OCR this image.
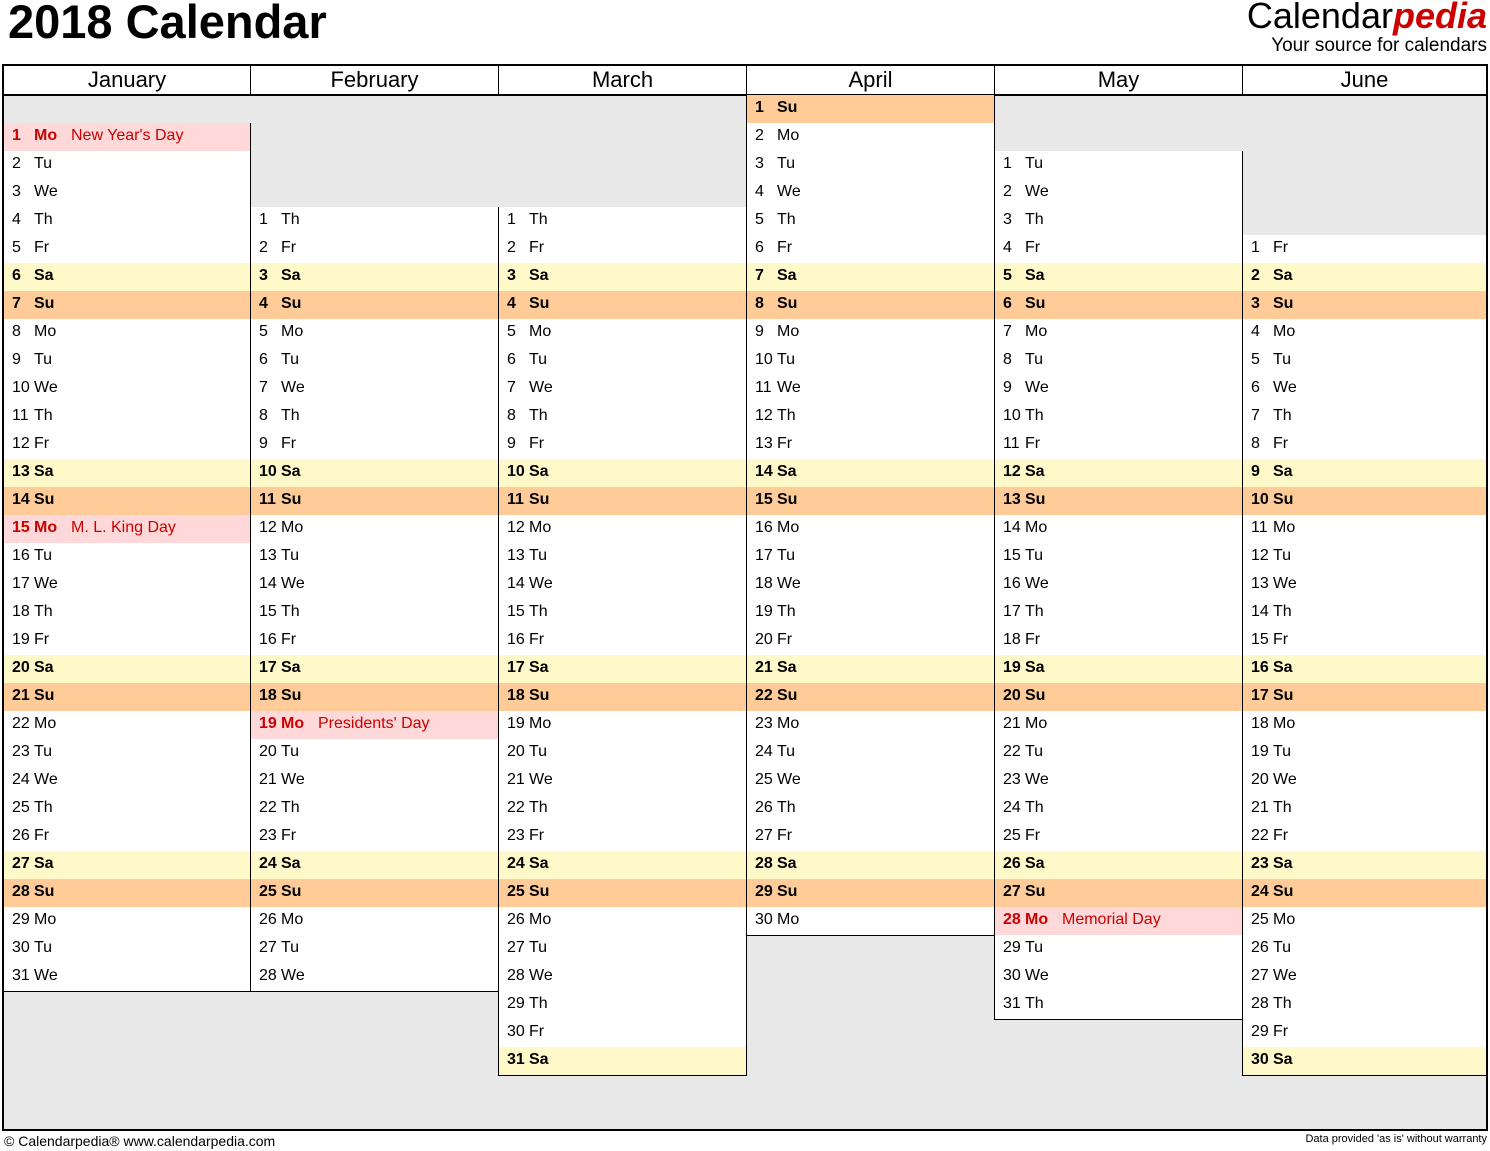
2018 Calendar	Calendarpedia
Your source for calendars
January
1 Mo New Year's Day
2 Tu
3 We
4 Th
5 Fr
6 Sa
7 Su
8 Mo
9 Tu
10 We
11 Th
12 Fr
13 Sa
14 Su
15 Mo M. L. King Day
16 Tu
17 We
18 Th
19 Fr
20 Sa
21 Su
22 Mo
23 Tu
24 We
25 Th
26 Fr
27 Sa
28 Su
29 Mo
30 Tu
31 We
February
1 Th
2 Fr
3 Sa
4 Su
5 Mo
6 Tu
7 We
8 Th
9 Fr
10 Sa
11 Su
12 Mo
13 Tu
14 We
15 Th
16 Fr
17 Sa
18 Su
19 Mo Presidents' Day
20 Tu
21 We
22 Th
23 Fr
24 Sa
25 Su
26 Mo
27 Tu
28 We
March
1 Th
2 Fr
3 Sa
4 Su
5 Mo
6 Tu
7 We
8 Th
9 Fr
10 Sa
11 Su
12 Mo
13 Tu
14 We
15 Th
16 Fr
17 Sa
18 Su
19 Mo
20 Tu
21 We
22 Th
23 Fr
24 Sa
25 Su
26 Mo
27 Tu
28 We
29 Th
30 Fr
31 Sa
April
1 Su
2 Mo
3 Tu
4 We
5 Th
6 Fr
7 Sa
8 Su
9 Mo
10 Tu
11 We
12 Th
13 Fr
14 Sa
15 Su
16 Mo
17 Tu
18 We
19 Th
20 Fr
21 Sa
22 Su
23 Mo
24 Tu
25 We
26 Th
27 Fr
28 Sa
29 Su
30 Mo
May
1 Tu
2 We
3 Th
4 Fr
5 Sa
6 Su
7 Mo
8 Tu
9 We
10 Th
11 Fr
12 Sa
13 Su
14 Mo
15 Tu
16 We
17 Th
18 Fr
19 Sa
20 Su
21 Mo
22 Tu
23 We
24 Th
25 Fr
26 Sa
27 Su
28 Mo Memorial Day
29 Tu
30 We
31 Th
June
1 Fr
2 Sa
3 Su
4 Mo
5 Tu
6 We
7 Th
8 Fr
9 Sa
10 Su
11 Mo
12 Tu
13 We
14 Th
15 Fr
16 Sa
17 Su
18 Mo
19 Tu
20 We
21 Th
22 Fr
23 Sa
24 Su
25 Mo
26 Tu
27 We
28 Th
29 Fr
30 Sa
© Calendarpedia® www.calendarpedia.com	Data provided 'as is' without warranty
